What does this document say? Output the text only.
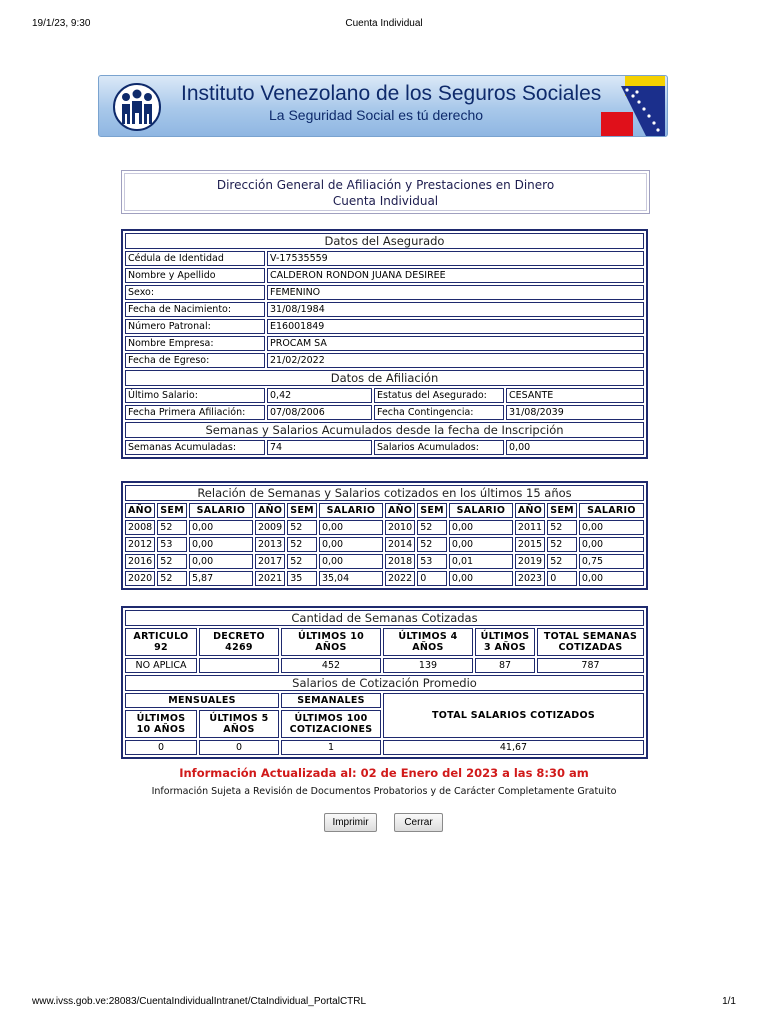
19/1/23, 9:30	Cuenta Individual
Instituto Venezolano de los Seguros Sociales
La Seguridad Social es tú derecho
Dirección General de Afiliación y Prestaciones en Dinero
Cuenta Individual
Datos del Asegurado			
Cédula de Identidad	V-17535559		
Nombre y Apellido	CALDERON RONDON JUANA DESIREE		
Sexo:	FEMENINO		
Fecha de Nacimiento:	31/08/1984		
Número Patronal:	E16001849		
Nombre Empresa:	PROCAM SA		
Fecha de Egreso:	21/02/2022		
Datos de Afiliación			
Último Salario:	0,42	Estatus del Asegurado:	CESANTE
Fecha Primera Afiliación:	07/08/2006	Fecha Contingencia:	31/08/2039
Semanas y Salarios Acumulados desde la fecha de Inscripción			
Semanas Acumuladas:	74	Salarios Acumulados:	0,00
Relación de Semanas y Salarios cotizados en los últimos 15 años											
AÑO	SEM	SALARIO	AÑO	SEM	SALARIO	AÑO	SEM	SALARIO	AÑO	SEM	SALARIO
2008	52	0,00	2009	52	0,00	2010	52	0,00	2011	52	0,00
2012	53	0,00	2013	52	0,00	2014	52	0,00	2015	52	0,00
2016	52	0,00	2017	52	0,00	2018	53	0,01	2019	52	0,75
2020	52	5,87	2021	35	35,04	2022	0	0,00	2023	0	0,00
Cantidad de Semanas Cotizadas					
ARTICULO 92	DECRETO 4269	ÚLTIMOS 10 AÑOS	ÚLTIMOS 4 AÑOS	ÚLTIMOS 3 AÑOS	TOTAL SEMANAS COTIZADAS
NO APLICA		452	139	87	787
Salarios de Cotización Promedio					
MENSUALES		SEMANALES	TOTAL SALARIOS COTIZADOS		
ÚLTIMOS 10 AÑOS	ÚLTIMOS 5 AÑOS	ÚLTIMOS 100 COTIZACIONES			
0	0	1	41,67		
Información Actualizada al: 02 de Enero del 2023 a las 8:30 am
Información Sujeta a Revisión de Documentos Probatorios y de Carácter Completamente Gratuito
Imprimir	Cerrar
www.ivss.gob.ve:28083/CuentaIndividualIntranet/CtaIndividual_PortalCTRL	1/1
